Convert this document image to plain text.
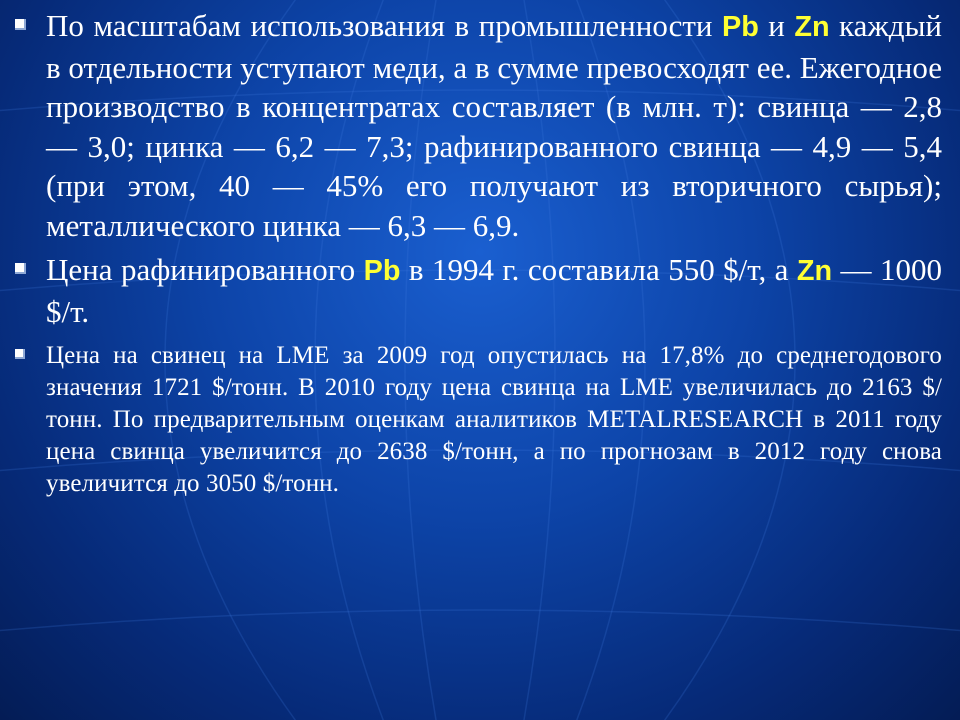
По масштабам использования в промышленности Pb и Zn каждый в отдельности уступают меди, а в сумме превосходят ее. Ежегодное производство в концентратах составляет (в млн. т): свинца — 2,8 — 3,0; цинка — 6,2 — 7,3; рафинированного свинца — 4,9 — 5,4 (при этом, 40 — 45% его получают из вторичного сырья); металлического цинка — 6,3 — 6,9.
Цена рафинированного Pb в 1994 г. составила 550 $/т, а Zn — 1000 $/т.
Цена на свинец на LME за 2009 год опустилась на 17,8% до среднегодового значения 1721 $/тонн. В 2010 году цена свинца на LME увеличилась до 2163 $/тонн. По предварительным оценкам аналитиков METALRESEARCH в 2011 году цена свинца увеличится до 2638 $/тонн, а по прогнозам в 2012 году снова увеличится до 3050 $/тонн.
